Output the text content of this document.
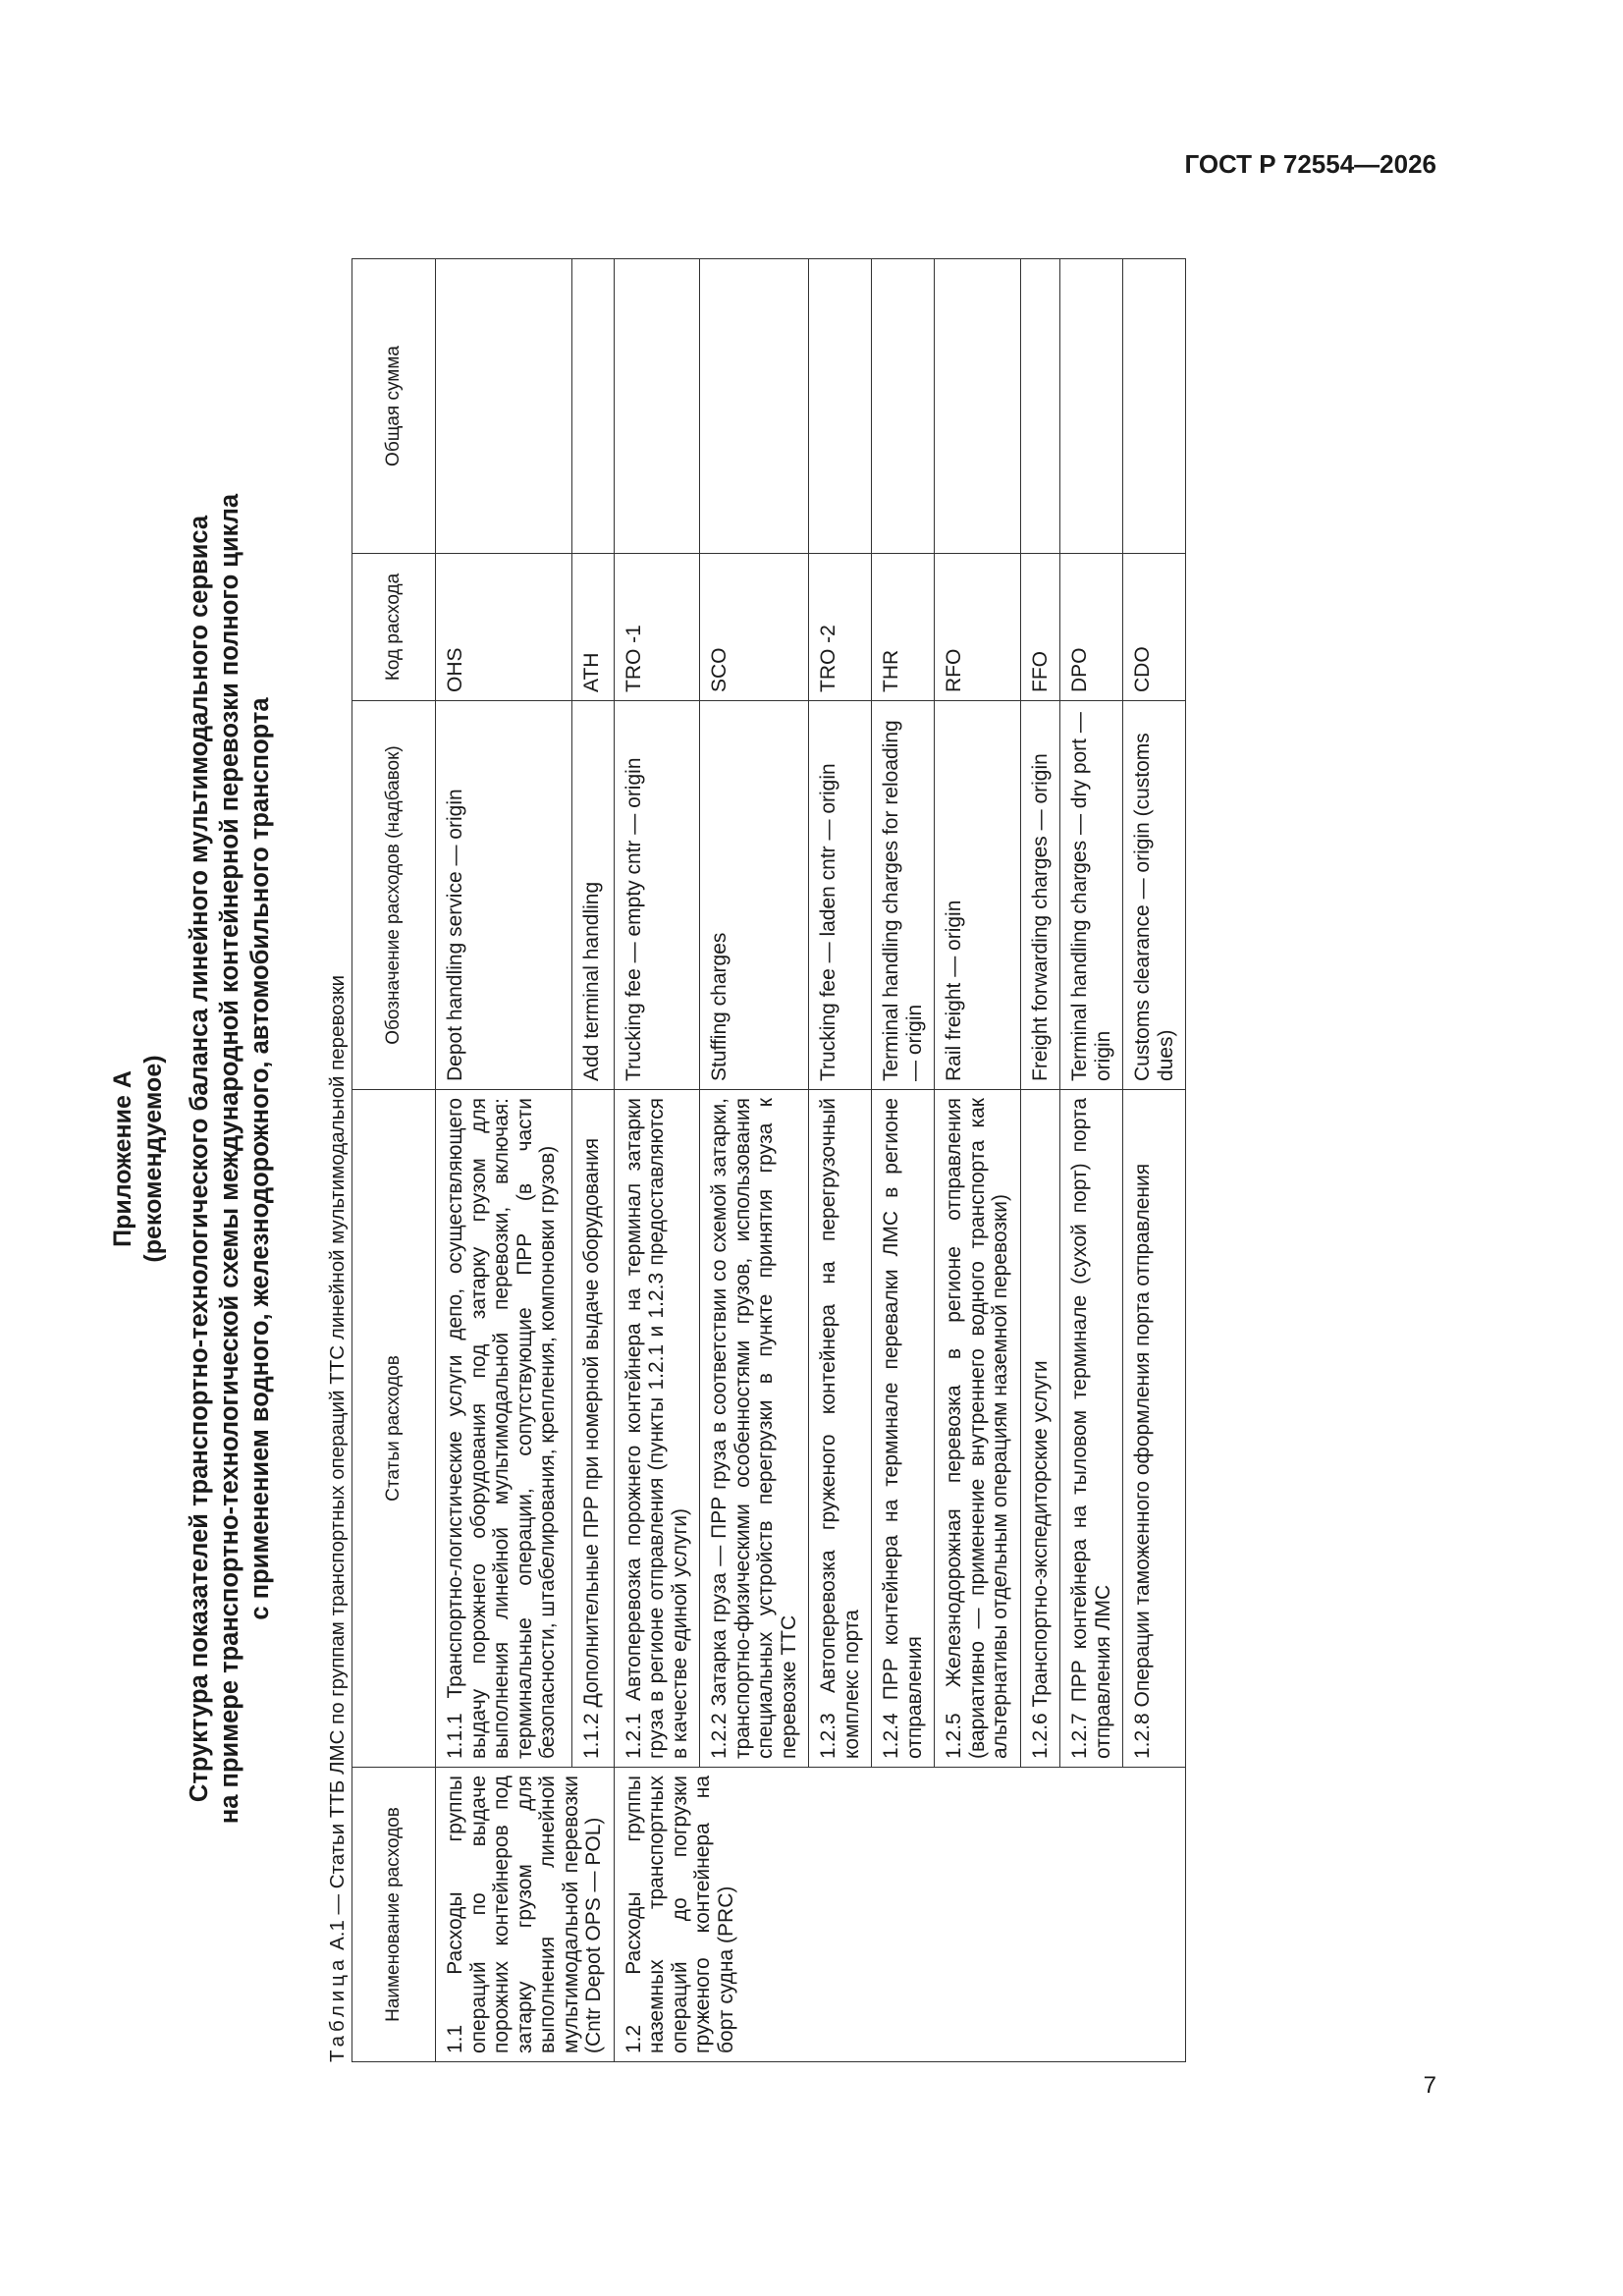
ГОСТ Р 72554—2026
7
Приложение А (рекомендуемое) Структура показателей транспортно-технологического баланса линейного мультимодального сервиса на примере транспортно-технологической схемы международной контейнерной перевозки полного цикла с применением водного, железнодорожного, автомобильного транспорта
Таблица А.1 — Статьи ТТБ ЛМС по группам транспортных операций ТТС линейной мультимодальной перевозки Наименование расходов	Статьи расходов	Обозначение расходов (надбавок)	Код расхода	Общая сумма
1.1 Расходы группы операций по выдаче порожних контейнеров под затарку грузом для выполнения линейной мультимодальной перевозки (Cntr Depot OPS — POL)	1.1.1 Транспортно-логистические услуги депо, осуществляющего выдачу порожнего оборудования под затарку грузом для выполнения линейной мультимодальной перевозки, включая: терминальные операции, сопутствующие ПРР (в части безопасности, штабелирования, крепления, компоновки грузов)	Depot handling service — origin	OHS	
	1.1.2 Дополнительные ПРР при номерной выдаче оборудования	Add terminal handling	ATH	
1.2 Расходы группы наземных транспортных операций до погрузки груженого контейнера на борт судна (PRC)	1.2.1 Автоперевозка порожнего контейнера на терминал затарки груза в регионе отправления (пункты 1.2.1 и 1.2.3 предоставляются в качестве единой услуги)	Trucking fee — empty cntr — origin	TRO -1	
	1.2.2 Затарка груза — ПРР груза в соответствии со схемой затарки, транспортно-физическими особенностями грузов, использования специальных устройств перегрузки в пункте принятия груза к перевозке ТТС	Stuffing charges	SCO	
	1.2.3 Автоперевозка груженого контейнера на перегрузочный комплекс порта	Trucking fee — laden cntr — origin	TRO -2	
	1.2.4 ПРР контейнера на терминале перевалки ЛМС в регионе отправления	Terminal handling charges for reloading — origin	THR	
	1.2.5 Железнодорожная перевозка в регионе отправления (вариативно — применение внутреннего водного транспорта как альтернативы отдельным операциям наземной перевозки)	Rail freight — origin	RFO	
	1.2.6 Транспортно-экспедиторские услуги	Freight forwarding charges — origin	FFO	
	1.2.7 ПРР контейнера на тыловом терминале (сухой порт) порта отправления ЛМС	Terminal handling charges — dry port — origin	DPO	
	1.2.8 Операции таможенного оформления порта отправления	Customs clearance — origin (customs dues)	CDO	
